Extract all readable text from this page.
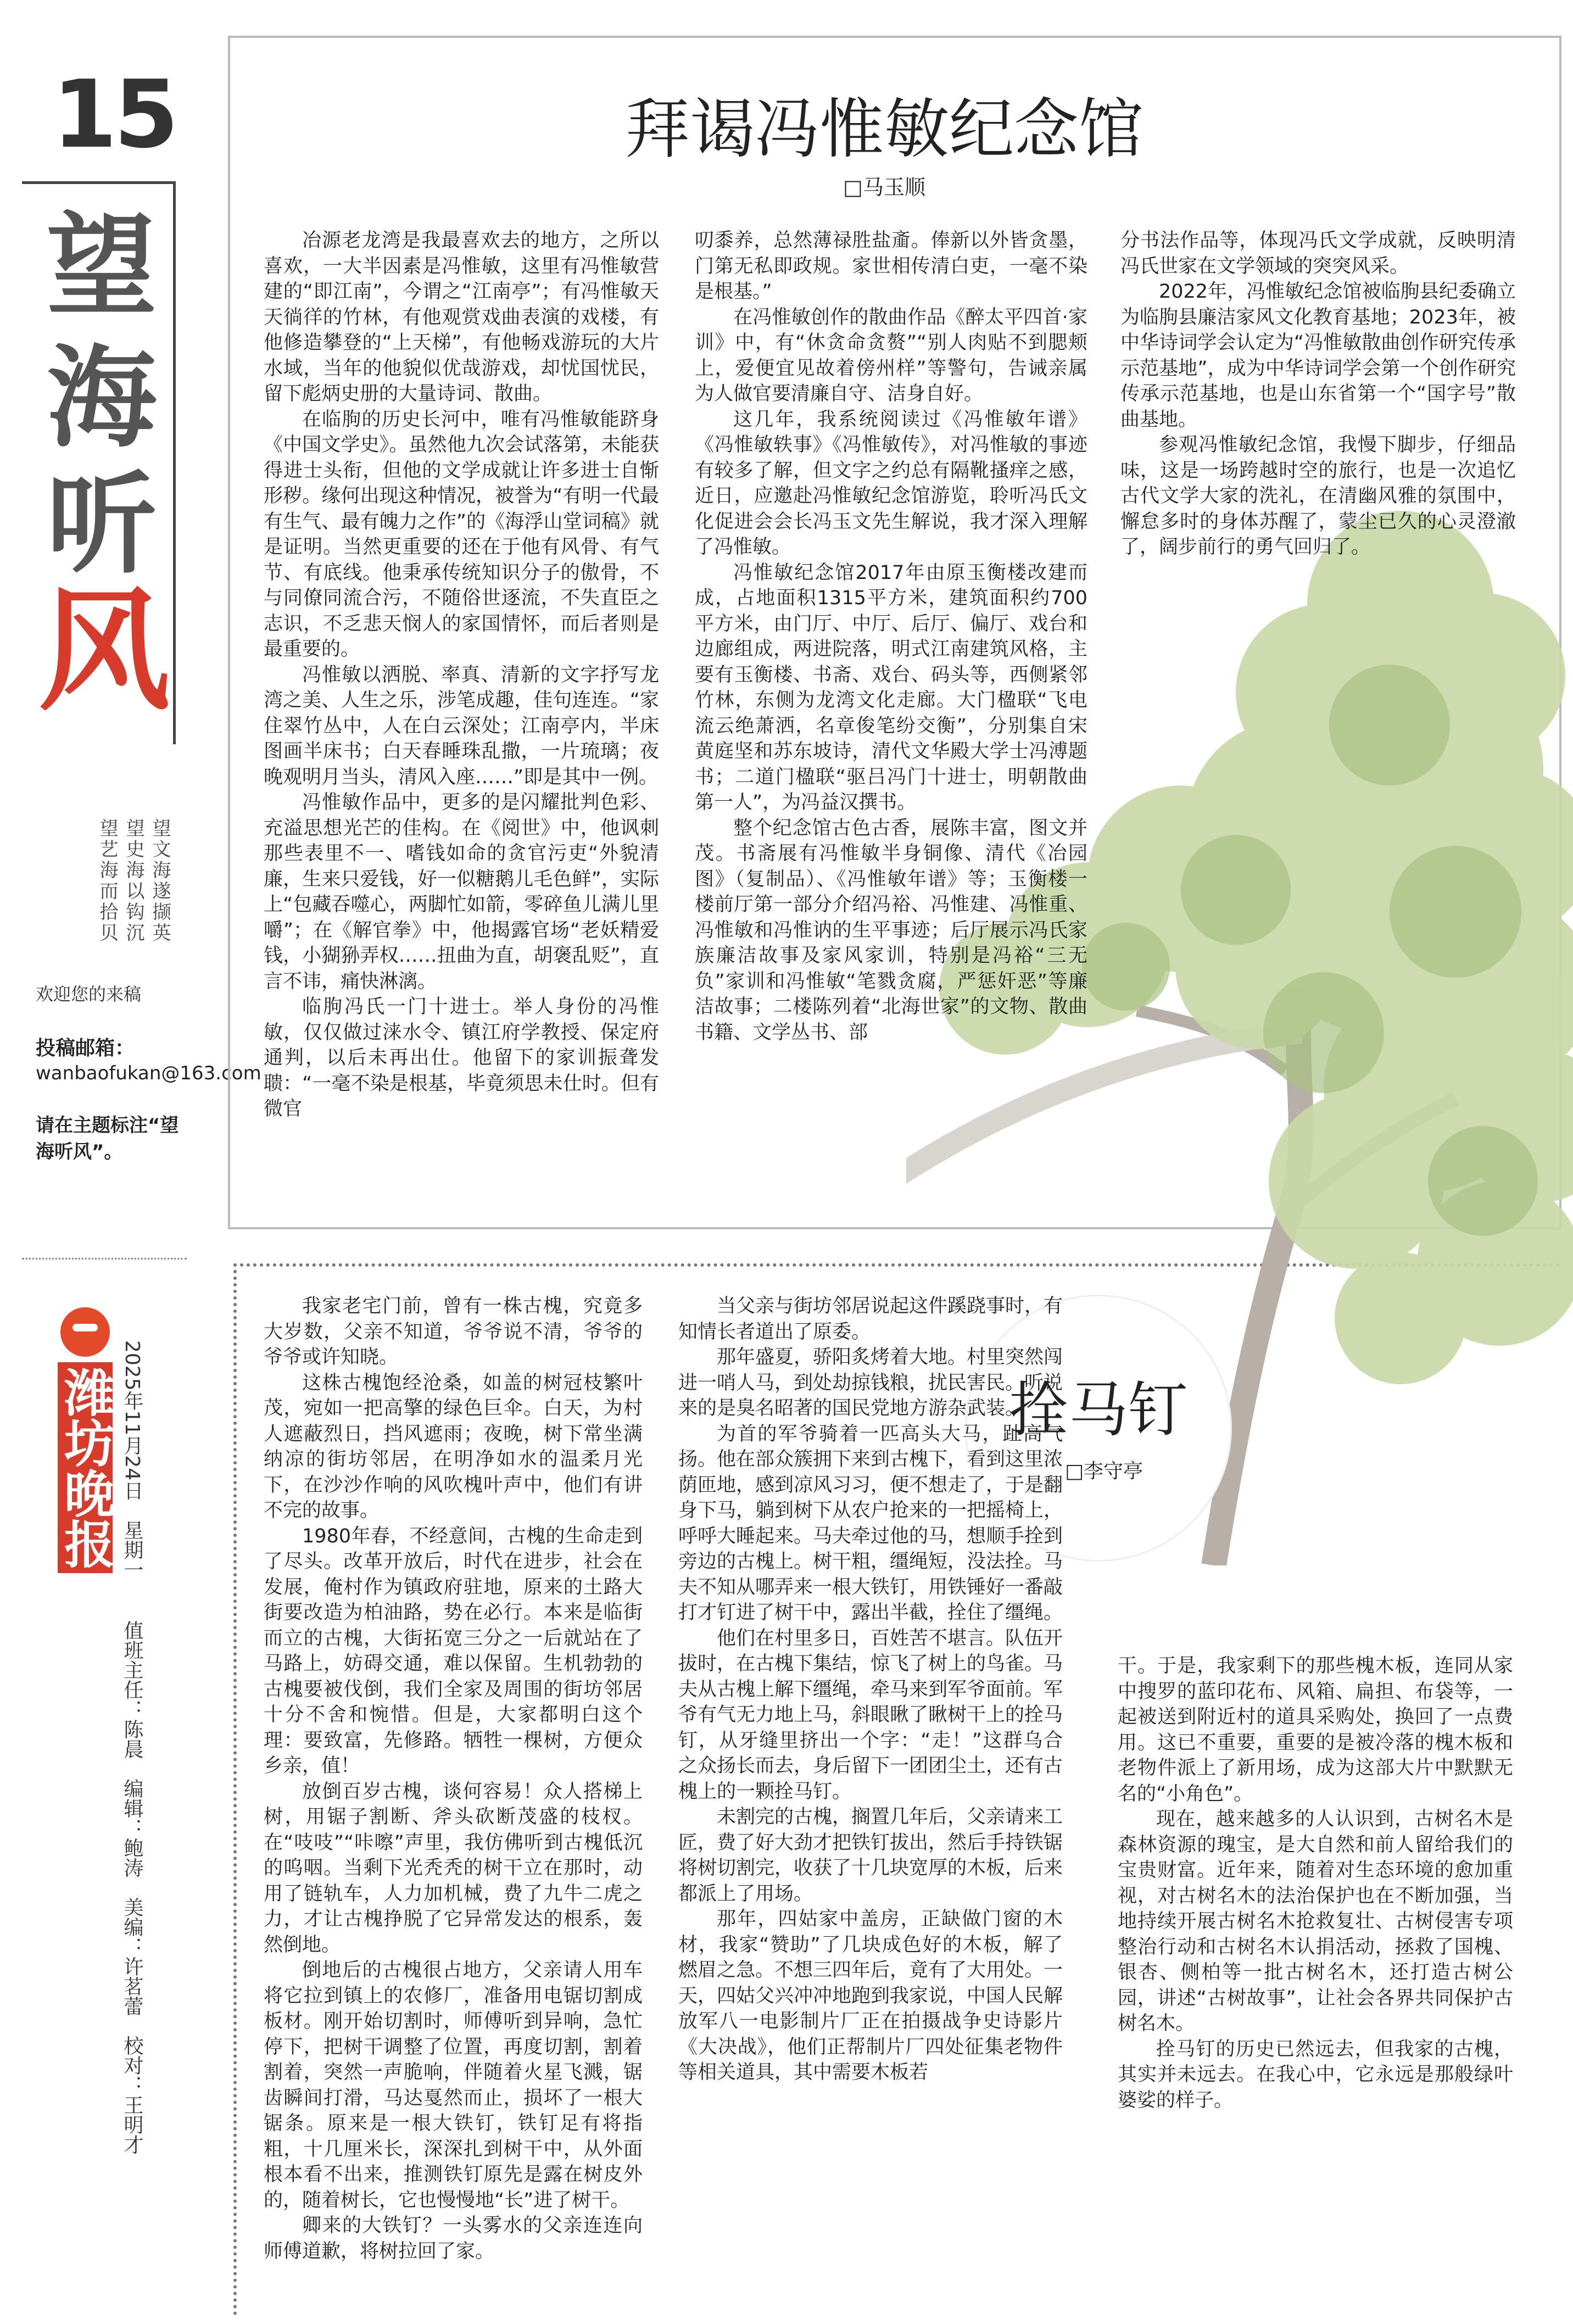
15
望
海
听
风
望文海遂撷英 望史海以钩沉 望艺海而拾贝
欢迎您的来稿
投稿邮箱：
wanbaofukan@163.com
请在主题标注“望海听风”。
潍坊晚报 2025年11月24日　星期一
值班主任：陈晨　编辑：鲍涛　美编：许茗蕾　校对：王明才
拜谒冯惟敏纪念馆
□马玉顺

冶源老龙湾是我最喜欢去的地方，之所以喜欢，一大半因素是冯惟敏，这里有冯惟敏营建的“即江南”，今谓之“江南亭”；有冯惟敏天天徜徉的竹林，有他观赏戏曲表演的戏楼，有他修造攀登的“上天梯”，有他畅戏游玩的大片水域，当年的他貌似优哉游戏，却忧国忧民，留下彪炳史册的大量诗词、散曲。

在临朐的历史长河中，唯有冯惟敏能跻身《中国文学史》。虽然他九次会试落第，未能获得进士头衔，但他的文学成就让许多进士自惭形秽。缘何出现这种情况，被誉为“有明一代最有生气、最有魄力之作”的《海浮山堂词稿》就是证明。当然更重要的还在于他有风骨、有气节、有底线。他秉承传统知识分子的傲骨，不与同僚同流合污，不随俗世逐流，不失直臣之志识，不乏悲天悯人的家国情怀，而后者则是最重要的。

冯惟敏以洒脱、率真、清新的文字抒写龙湾之美、人生之乐，涉笔成趣，佳句连连。“家住翠竹丛中，人在白云深处；江南亭内，半床图画半床书；白天春睡珠乱撒，一片琉璃；夜晚观明月当头，清风入座……”即是其中一例。

冯惟敏作品中，更多的是闪耀批判色彩、充溢思想光芒的佳构。在《阅世》中，他讽刺那些表里不一、嗜钱如命的贪官污吏“外貌清廉，生来只爱钱，好一似糖鹅儿毛色鲜”，实际上“包藏吞噬心，两脚忙如箭，零碎鱼儿满儿里嚼”；在《解官拳》中，他揭露官场“老妖精爱钱，小猢狲弄权……扭曲为直，胡褒乱贬”，直言不讳，痛快淋漓。

临朐冯氏一门十进士。举人身份的冯惟敏，仅仅做过涞水令、镇江府学教授、保定府通判，以后未再出仕。他留下的家训振聋发聩：“一毫不染是根基，毕竟须思未仕时。但有微官

叨黍养，总然薄禄胜盐齑。俸新以外皆贪墨，门第无私即政规。家世相传清白吏，一毫不染是根基。”

在冯惟敏创作的散曲作品《醉太平四首·家训》中，有“休贪命贪赘”“别人肉贴不到腮颊上，爱便宜见故着傍州样”等警句，告诫亲属为人做官要清廉自守、洁身自好。

这几年，我系统阅读过《冯惟敏年谱》《冯惟敏轶事》《冯惟敏传》，对冯惟敏的事迹有较多了解，但文字之约总有隔靴搔痒之感，近日，应邀赴冯惟敏纪念馆游览，聆听冯氏文化促进会会长冯玉文先生解说，我才深入理解了冯惟敏。

冯惟敏纪念馆2017年由原玉衡楼改建而成，占地面积1315平方米，建筑面积约700平方米，由门厅、中厅、后厅、偏厅、戏台和边廊组成，两进院落，明式江南建筑风格，主要有玉衡楼、书斋、戏台、码头等，西侧紧邻竹林，东侧为龙湾文化走廊。大门楹联“飞电流云绝萧洒，名章俊笔纷交衡”，分别集自宋黄庭坚和苏东坡诗，清代文华殿大学士冯溥题书；二道门楹联“驱吕冯门十进士，明朝散曲第一人”，为冯益汉撰书。

整个纪念馆古色古香，展陈丰富，图文并茂。书斋展有冯惟敏半身铜像、清代《冶园图》（复制品）、《冯惟敏年谱》等；玉衡楼一楼前厅第一部分介绍冯裕、冯惟建、冯惟重、冯惟敏和冯惟讷的生平事迹；后厅展示冯氏家族廉洁故事及家风家训，特别是冯裕“三无负”家训和冯惟敏“笔戮贪腐，严惩奸恶”等廉洁故事；二楼陈列着“北海世家”的文物、散曲书籍、文学丛书、部

分书法作品等，体现冯氏文学成就，反映明清冯氏世家在文学领域的突突风采。

2022年，冯惟敏纪念馆被临朐县纪委确立为临朐县廉洁家风文化教育基地；2023年，被中华诗词学会认定为“冯惟敏散曲创作研究传承示范基地”，成为中华诗词学会第一个创作研究传承示范基地，也是山东省第一个“国字号”散曲基地。

参观冯惟敏纪念馆，我慢下脚步，仔细品味，这是一场跨越时空的旅行，也是一次追忆古代文学大家的洗礼，在清幽风雅的氛围中，懈怠多时的身体苏醒了，蒙尘已久的心灵澄澈了，阔步前行的勇气回归了。

拴马钉
□李守亭

我家老宅门前，曾有一株古槐，究竟多大岁数，父亲不知道，爷爷说不清，爷爷的爷爷或许知晓。

这株古槐饱经沧桑，如盖的树冠枝繁叶茂，宛如一把高擎的绿色巨伞。白天，为村人遮蔽烈日，挡风遮雨；夜晚，树下常坐满纳凉的街坊邻居，在明净如水的温柔月光下，在沙沙作响的风吹槐叶声中，他们有讲不完的故事。

1980年春，不经意间，古槐的生命走到了尽头。改革开放后，时代在进步，社会在发展，俺村作为镇政府驻地，原来的土路大街要改造为柏油路，势在必行。本来是临街而立的古槐，大街拓宽三分之一后就站在了马路上，妨碍交通，难以保留。生机勃勃的古槐要被伐倒，我们全家及周围的街坊邻居十分不舍和惋惜。但是，大家都明白这个理：要致富，先修路。牺牲一棵树，方便众乡亲，值！

放倒百岁古槐，谈何容易！众人搭梯上树，用锯子割断、斧头砍断茂盛的枝杈。在“吱吱”“咔嚓”声里，我仿佛听到古槐低沉的呜咽。当剩下光秃秃的树干立在那时，动用了链轨车，人力加机械，费了九牛二虎之力，才让古槐挣脱了它异常发达的根系，轰然倒地。

倒地后的古槐很占地方，父亲请人用车将它拉到镇上的农修厂，准备用电锯切割成板材。刚开始切割时，师傅听到异响，急忙停下，把树干调整了位置，再度切割，割着割着，突然一声脆响，伴随着火星飞溅，锯齿瞬间打滑，马达戛然而止，损坏了一根大锯条。原来是一根大铁钉，铁钉足有将指粗，十几厘米长，深深扎到树干中，从外面根本看不出来，推测铁钉原先是露在树皮外的，随着树长，它也慢慢地“长”进了树干。

卿来的大铁钉？一头雾水的父亲连连向师傅道歉，将树拉回了家。

当父亲与街坊邻居说起这件蹊跷事时，有知情长者道出了原委。

那年盛夏，骄阳炙烤着大地。村里突然闯进一哨人马，到处劫掠钱粮，扰民害民。听说来的是臭名昭著的国民党地方游杂武装。

为首的军爷骑着一匹高头大马，趾高气扬。他在部众簇拥下来到古槐下，看到这里浓荫匝地，感到凉风习习，便不想走了，于是翻身下马，躺到树下从农户抢来的一把摇椅上，呼呼大睡起来。马夫牵过他的马，想顺手拴到旁边的古槐上。树干粗，缰绳短，没法拴。马夫不知从哪弄来一根大铁钉，用铁锤好一番敲打才钉进了树干中，露出半截，拴住了缰绳。

他们在村里多日，百姓苦不堪言。队伍开拔时，在古槐下集结，惊飞了树上的鸟雀。马夫从古槐上解下缰绳，牵马来到军爷面前。军爷有气无力地上马，斜眼瞅了瞅树干上的拴马钉，从牙缝里挤出一个字：“走！”这群乌合之众扬长而去，身后留下一团团尘土，还有古槐上的一颗拴马钉。

未割完的古槐，搁置几年后，父亲请来工匠，费了好大劲才把铁钉拔出，然后手持铁锯将树切割完，收获了十几块宽厚的木板，后来都派上了用场。

那年，四姑家中盖房，正缺做门窗的木材，我家“赞助”了几块成色好的木板，解了燃眉之急。不想三四年后，竟有了大用处。一天，四姑父兴冲冲地跑到我家说，中国人民解放军八一电影制片厂正在拍摄战争史诗影片《大决战》，他们正帮制片厂四处征集老物件等相关道具，其中需要木板若

干。于是，我家剩下的那些槐木板，连同从家中搜罗的蓝印花布、风箱、扁担、布袋等，一起被送到附近村的道具采购处，换回了一点费用。这已不重要，重要的是被冷落的槐木板和老物件派上了新用场，成为这部大片中默默无名的“小角色”。

现在，越来越多的人认识到，古树名木是森林资源的瑰宝，是大自然和前人留给我们的宝贵财富。近年来，随着对生态环境的愈加重视，对古树名木的法治保护也在不断加强，当地持续开展古树名木抢救复壮、古树侵害专项整治行动和古树名木认捐活动，拯救了国槐、银杏、侧柏等一批古树名木，还打造古树公园，讲述“古树故事”，让社会各界共同保护古树名木。

拴马钉的历史已然远去，但我家的古槐，其实并未远去。在我心中，它永远是那般绿叶婆娑的样子。
